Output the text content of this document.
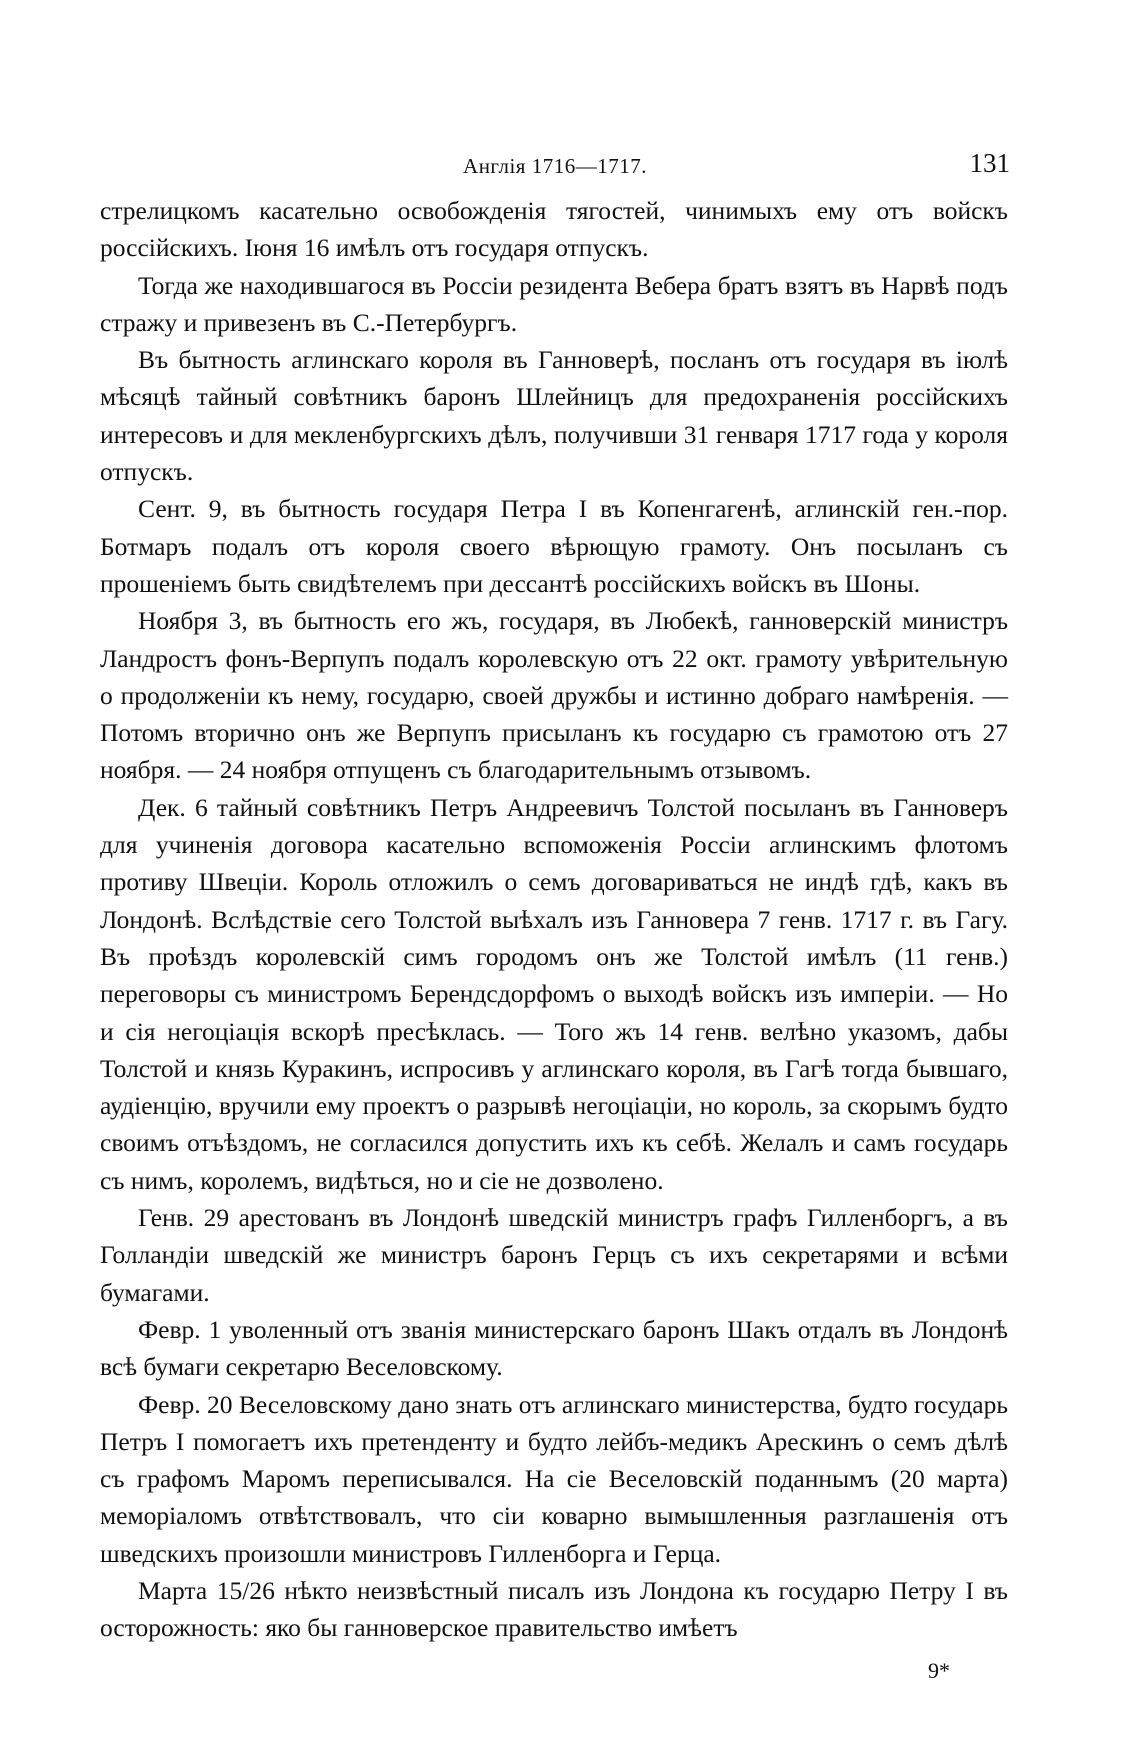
Англія 1716—1717.	131

стрелицкомъ касательно освобожденія тягостей, чинимыхъ ему отъ войскъ россійскихъ. Іюня 16 имѣлъ отъ государя отпускъ.

Тогда же находившагося въ Россіи резидента Вебера братъ взятъ въ Нарвѣ подъ стражу и привезенъ въ С.-Петербургъ.

Въ бытность аглинскаго короля въ Ганноверѣ, посланъ отъ государя въ іюлѣ мѣсяцѣ тайный совѣтникъ баронъ Шлейницъ для предохраненія россійскихъ интересовъ и для мекленбургскихъ дѣлъ, получивши 31 генваря 1717 года у короля отпускъ.

Сент. 9, въ бытность государя Петра I въ Копенгагенѣ, аглинскій ген.-пор. Ботмаръ подалъ отъ короля своего вѣрющую грамоту. Онъ посыланъ съ прошеніемъ быть свидѣтелемъ при дессантѣ россійскихъ войскъ въ Шоны.

Ноября 3, въ бытность его жъ, государя, въ Любекѣ, ганноверскій министръ Ландростъ фонъ-Верпупъ подалъ королевскую отъ 22 окт. грамоту увѣрительную о продолженіи къ нему, государю, своей дружбы и истинно добраго намѣренія. — Потомъ вторично онъ же Верпупъ присыланъ къ государю съ грамотою отъ 27 ноября. — 24 ноября отпущенъ съ благодарительнымъ отзывомъ.

Дек. 6 тайный совѣтникъ Петръ Андреевичъ Толстой посыланъ въ Ганноверъ для учиненія договора касательно вспоможенія Россіи аглинскимъ флотомъ противу Швеціи. Король отложилъ о семъ договариваться не индѣ гдѣ, какъ въ Лондонѣ. Вслѣдствіе сего Толстой выѣхалъ изъ Ганновера 7 генв. 1717 г. въ Гагу. Въ проѣздъ королевскій симъ городомъ онъ же Толстой имѣлъ (11 генв.) переговоры съ министромъ Берендсдорфомъ о выходѣ войскъ изъ имперіи. — Но и сія негоціація вскорѣ пресѣклась. — Того жъ 14 генв. велѣно указомъ, дабы Толстой и князь Куракинъ, испросивъ у аглинскаго короля, въ Гагѣ тогда бывшаго, аудіенцію, вручили ему проектъ о разрывѣ негоціаціи, но король, за скорымъ будто своимъ отъѣздомъ, не согласился допустить ихъ къ себѣ. Желалъ и самъ государь съ нимъ, королемъ, видѣться, но и сіе не дозволено.

Генв. 29 арестованъ въ Лондонѣ шведскій министръ графъ Гилленборгъ, а въ Голландіи шведскій же министръ баронъ Герцъ съ ихъ секретарями и всѣми бумагами.

Февр. 1 уволенный отъ званія министерскаго баронъ Шакъ отдалъ въ Лондонѣ всѣ бумаги секретарю Веселовскому.

Февр. 20 Веселовскому дано знать отъ аглинскаго министерства, будто государь Петръ I помогаетъ ихъ претенденту и будто лейбъ-медикъ Арескинъ о семъ дѣлѣ съ графомъ Маромъ переписывался. На сіе Веселовскій поданнымъ (20 марта) меморіаломъ отвѣтствовалъ, что сіи коварно вымышленныя разглашенія отъ шведскихъ произошли министровъ Гилленборга и Герца.

Марта 15/26 нѣкто неизвѣстный писалъ изъ Лондона къ государю Петру I въ осторожность: яко бы ганноверское правительство имѣетъ

9*
